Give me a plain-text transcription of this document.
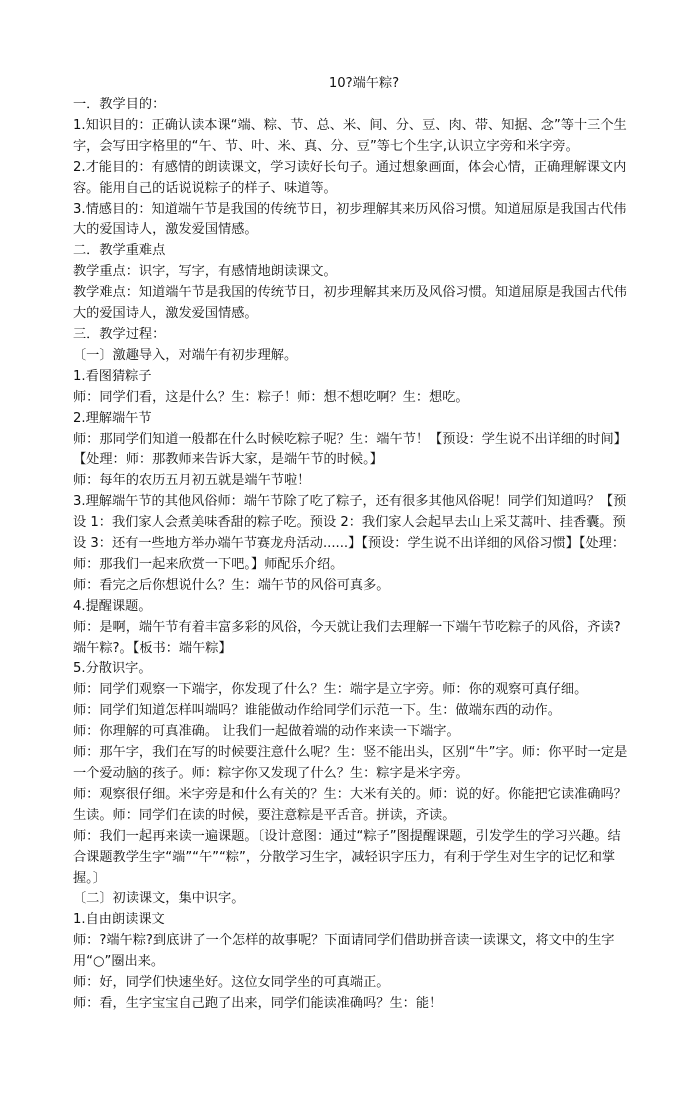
10?端午粽?
一．教学目的：
1.知识目的：正确认读本课“端、粽、节、总、米、间、分、豆、肉、带、知据、念”等十三个生字，会写田字格里的“午、节、叶、米、真、分、豆”等七个生字,认识立字旁和米字旁。
2.才能目的：有感情的朗读课文，学习读好长句子。通过想象画面，体会心情，正确理解课文内容。能用自己的话说说粽子的样子、味道等。
3.情感目的：知道端午节是我国的传统节日，初步理解其来历风俗习惯。知道屈原是我国古代伟大的爱国诗人，激发爱国情感。
二．教学重难点
教学重点：识字，写字，有感情地朗读课文。
教学难点：知道端午节是我国的传统节日，初步理解其来历及风俗习惯。知道屈原是我国古代伟大的爱国诗人，激发爱国情感。
三．教学过程：
〔一〕激趣导入，对端午有初步理解。
1.看图猜粽子
师：同学们看，这是什么？生：粽子！师：想不想吃啊？生：想吃。
2.理解端午节
师：那同学们知道一般都在什么时候吃粽子呢？生：端午节！【预设：学生说不出详细的时间】【处理：师：那教师来告诉大家，是端午节的时候。】
师：每年的农历五月初五就是端午节啦！
3.理解端午节的其他风俗师：端午节除了吃了粽子，还有很多其他风俗呢！同学们知道吗？【预设 1：我们家人会煮美味香甜的粽子吃。预设 2：我们家人会起早去山上采艾蒿叶、挂香囊。预设 3：还有一些地方举办端午节赛龙舟活动......】【预设：学生说不出详细的风俗习惯】【处理：师：那我们一起来欣赏一下吧。】师配乐介绍。
师：看完之后你想说什么？生：端午节的风俗可真多。
4.提醒课题。
师：是啊，端午节有着丰富多彩的风俗，今天就让我们去理解一下端午节吃粽子的风俗，齐读?端午粽?。【板书：端午粽】
5.分散识字。
师：同学们观察一下端字，你发现了什么？生：端字是立字旁。师：你的观察可真仔细。
师：同学们知道怎样叫端吗？谁能做动作给同学们示范一下。生：做端东西的动作。
师：你理解的可真准确。 让我们一起做着端的动作来读一下端字。
师：那午字，我们在写的时候要注意什么呢？生：竖不能出头，区别“牛”字。师：你平时一定是一个爱动脑的孩子。师：粽字你又发现了什么？生：粽字是米字旁。
师：观察很仔细。米字旁是和什么有关的？生：大米有关的。师：说的好。你能把它读准确吗？生读。师：同学们在读的时候，要注意粽是平舌音。拼读，齐读。
师：我们一起再来读一遍课题。〔设计意图：通过“粽子”图提醒课题，引发学生的学习兴趣。结合课题教学生字“端”“午”“粽”，分散学习生字，减轻识字压力，有利于学生对生字的记忆和掌握。〕
〔二〕初读课文，集中识字。
1.自由朗读课文
师：?端午粽?到底讲了一个怎样的故事呢？下面请同学们借助拼音读一读课文，将文中的生字用“○”圈出来。
师：好，同学们快速坐好。这位女同学坐的可真端正。
师：看，生字宝宝自己跑了出来，同学们能读准确吗？生：能！
